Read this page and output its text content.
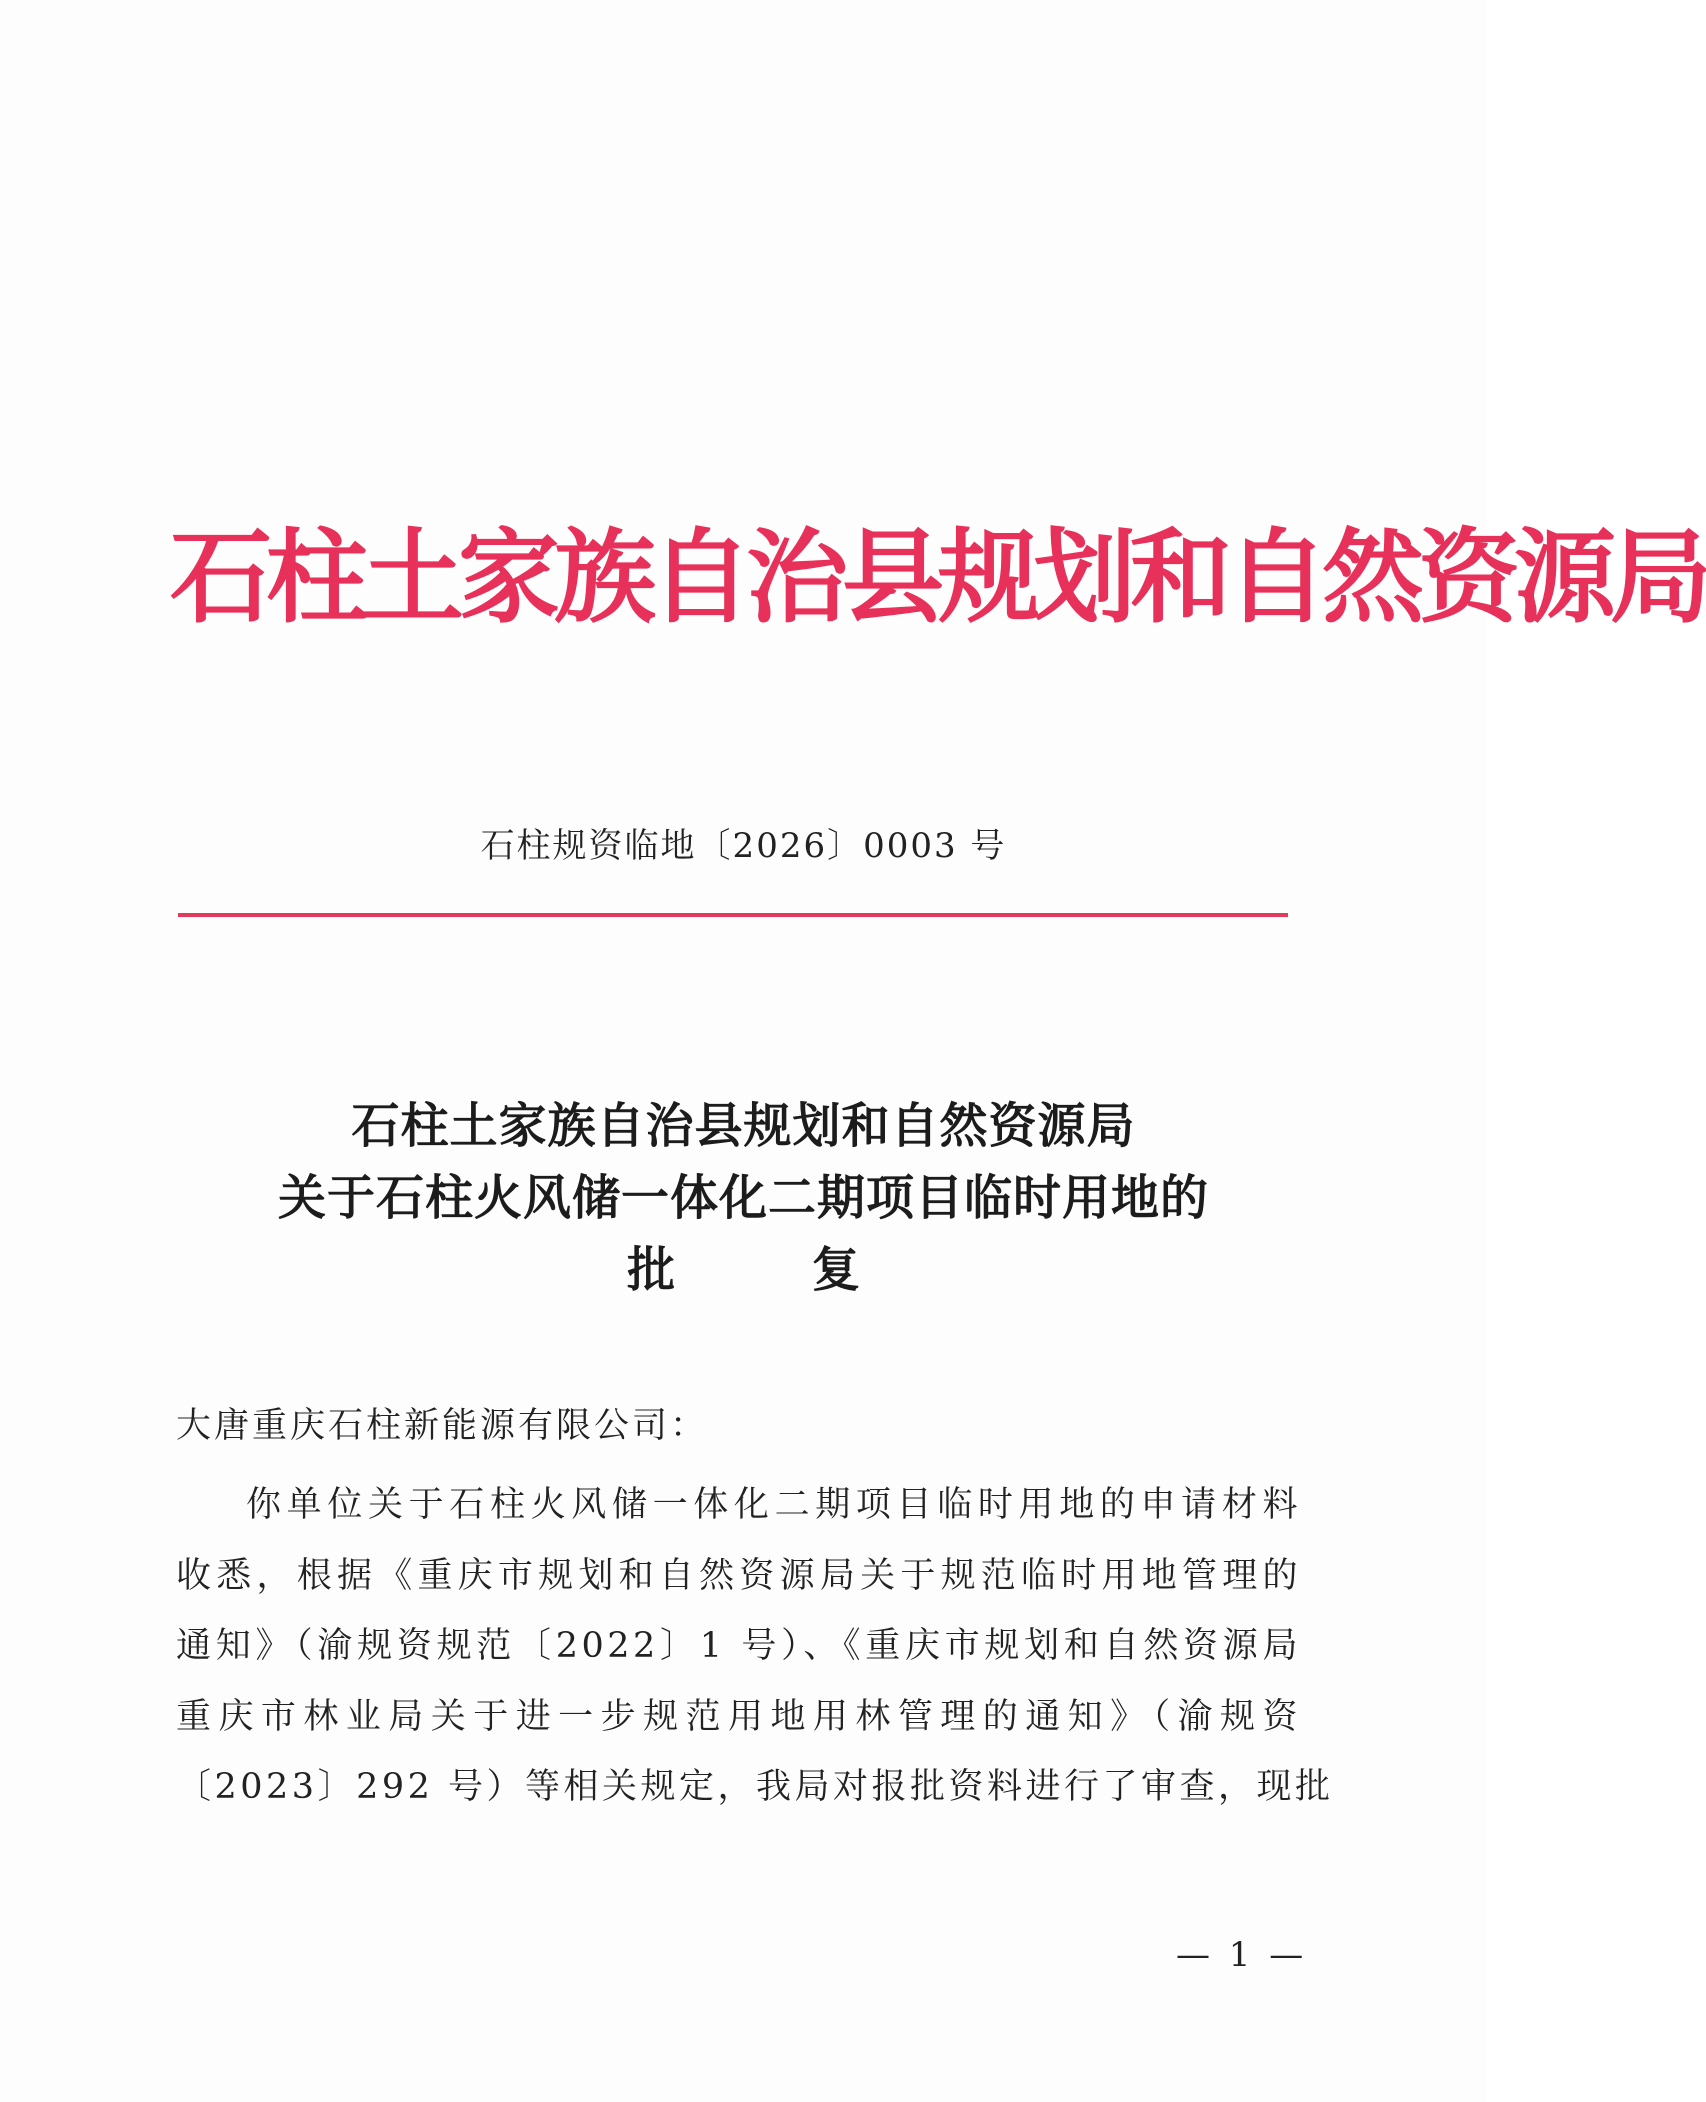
石柱土家族自治县规划和自然资源局
石柱规资临地〔2026〕0003 号
石柱土家族自治县规划和自然资源局
关于石柱火风储一体化二期项目临时用地的
批 复
大唐重庆石柱新能源有限公司：
你单位关于石柱火风储一体化二期项目临时用地的申请材料
收悉，根据《重庆市规划和自然资源局关于规范临时用地管理的
通知》（渝规资规范〔2022〕1 号）、《重庆市规划和自然资源局
重庆市林业局关于进一步规范用地用林管理的通知》（渝规资
〔2023〕292 号）等相关规定，我局对报批资料进行了审查，现批
— 1 —
